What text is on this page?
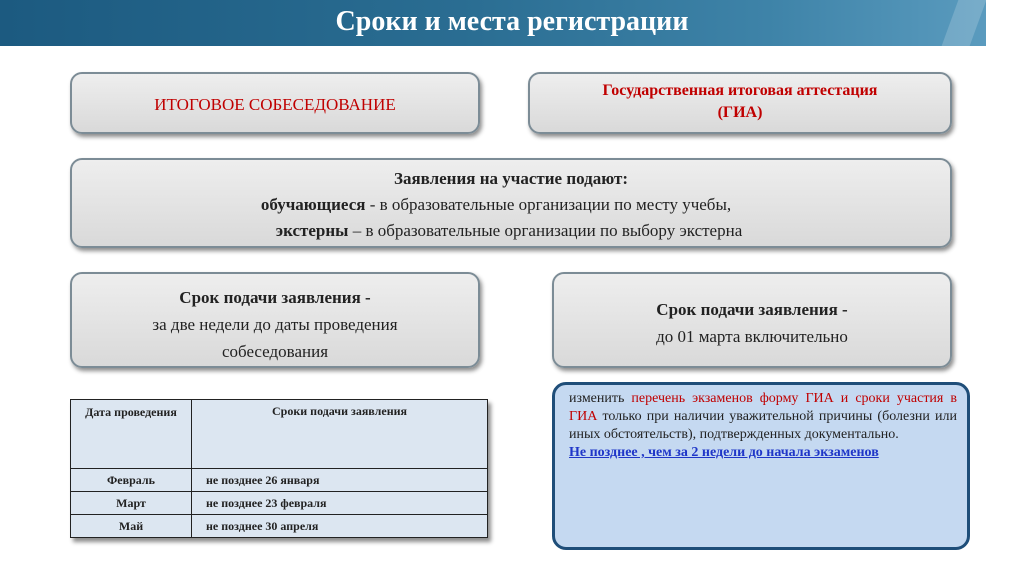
Сроки и места регистрации
ИТОГОВОЕ СОБЕСЕДОВАНИЕ
Государственная итоговая аттестация
(ГИА)
Заявления на участие подают:
обучающиеся - в образовательные организации по месту учебы,
экстерны – в образовательные организации по выбору экстерна
Срок подачи заявления -
за две недели до даты проведения
собеседования
Срок подачи заявления -
до 01 марта включительно
Дата проведения	Сроки подачи заявления
Февраль	не позднее 26 января
Март	не позднее 23 февраля
Май	не позднее 30 апреля

изменить перечень экзаменов форму ГИА и сроки участия в ГИА только при наличии уважительной причины (болезни или иных обстоятельств), подтвержденных документально.

Не позднее , чем за 2 недели до начала экзаменов
